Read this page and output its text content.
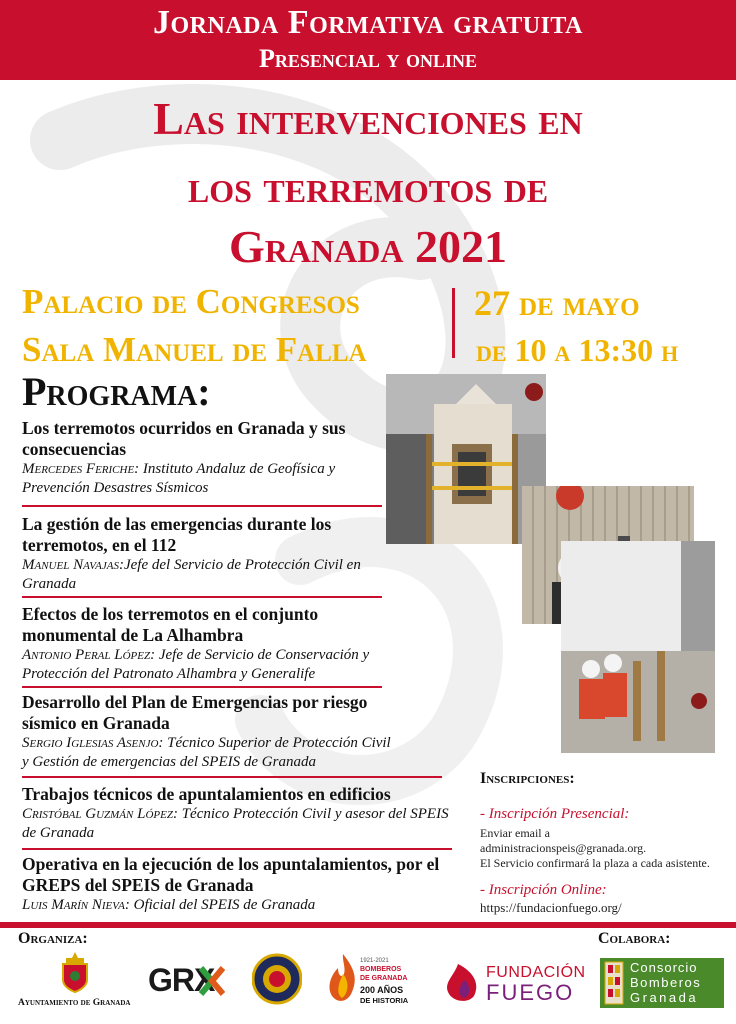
Jornada Formativa gratuita
Presencial y online
Las intervenciones en
los terremotos de
Granada 2021
Palacio de Congresos
Sala Manuel de Falla
27 de mayo
de 10 a 13:30 h
Programa:
Los terremotos ocurridos en Granada y sus consecuencias
Mercedes Feriche: Instituto Andaluz de Geofísica y Prevención Desastres Sísmicos
La gestión de las emergencias durante los terremotos, en el 112
Manuel Navajas:Jefe del Servicio de Protección Civil en Granada
Efectos de los terremotos en el conjunto monumental de La Alhambra
Antonio Peral López: Jefe de Servicio de Conservación y Protección del Patronato Alhambra y Generalife
Desarrollo del Plan de Emergencias por riesgo sísmico en Granada
Sergio Iglesias Asenjo: Técnico Superior de Protección Civil y Gestión de emergencias del SPEIS de Granada
Trabajos técnicos de apuntalamientos en edificios
Cristóbal Guzmán López: Técnico Protección Civil y asesor del SPEIS de Granada
Operativa en la ejecución de los apuntalamientos, por el GREPS del SPEIS de Granada
Luis Marín Nieva: Oficial del SPEIS de Granada
Inscripciones:
- Inscripción Presencial:
Enviar email a
administracionspeis@granada.org.
El Servicio confirmará la plaza a cada asistente.
- Inscripción Online:
https://fundacionfuego.org/
Organiza:	Colabora:
Ayuntamiento de Granada
GRX
1921-2021
BOMBEROS
DE GRANADA
200 AÑOS
DE HISTORIA
FUNDACIÓN
FUEGO
Consorcio
Bomberos
Granada
